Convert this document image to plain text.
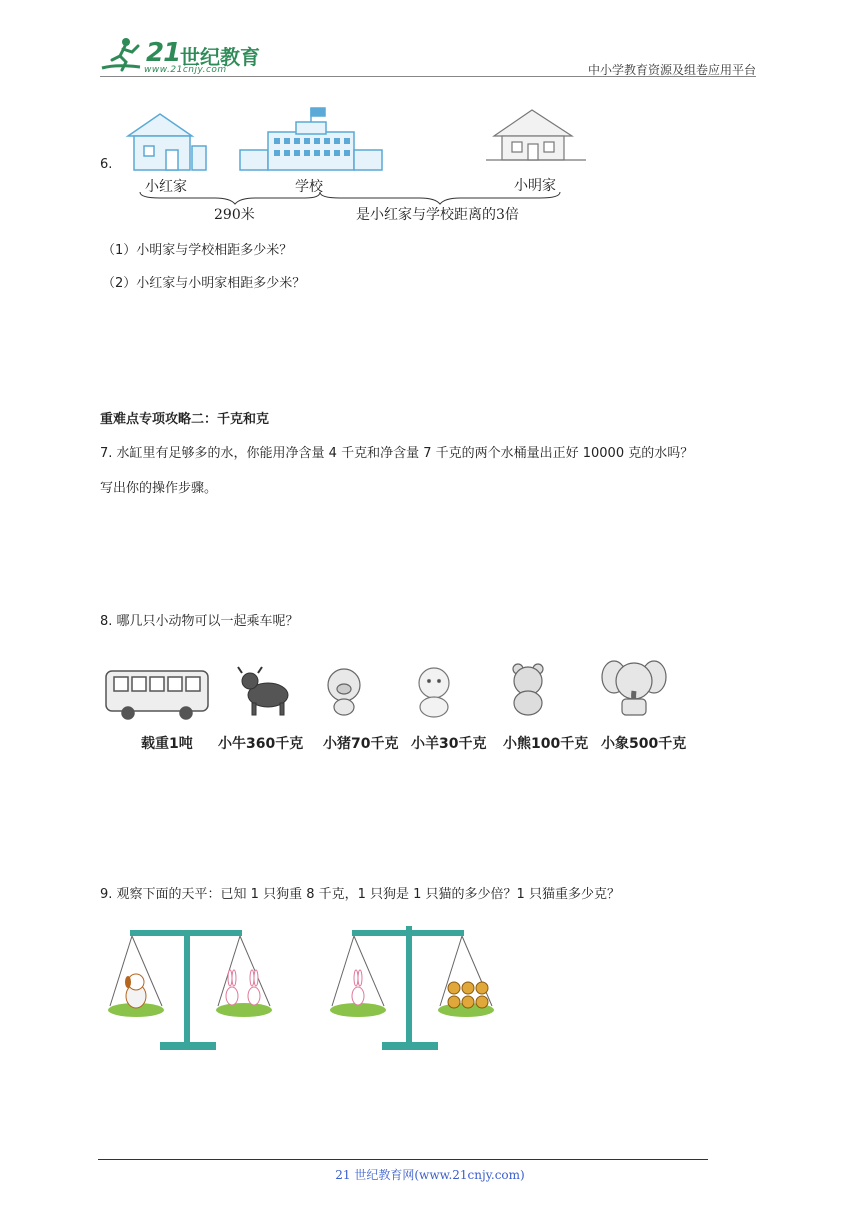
21 世纪教育
www.21cnjy.com	中小学教育资源及组卷应用平台
6.
小红家	学校	小明家
290米	是小红家与学校距离的3倍
（1）小明家与学校相距多少米？
（2）小红家与小明家相距多少米？
重难点专项攻略二：千克和克
7. 水缸里有足够多的水，你能用净含量 4 千克和净含量 7 千克的两个水桶量出正好 10000 克的水吗？
写出你的操作步骤。
8. 哪几只小动物可以一起乘车呢？
载重1吨 小牛360千克 小猪70千克 小羊30千克 小熊100千克 小象500千克
9. 观察下面的天平：已知 1 只狗重 8 千克，1 只狗是 1 只猫的多少倍？1 只猫重多少克？
21 世纪教育网(www.21cnjy.com)
